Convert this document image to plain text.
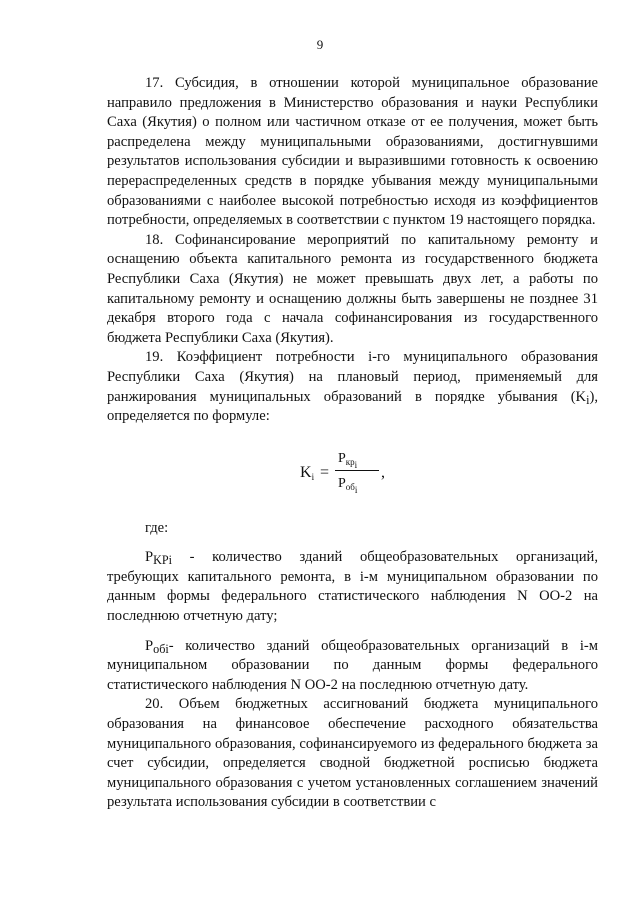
9

17. Субсидия, в отношении которой муниципальное образование направило предложения в Министерство образования и науки Республики Саха (Якутия) о полном или частичном отказе от ее получения, может быть распределена между муниципальными образованиями, достигнувшими результатов использования субсидии и выразившими готовность к освоению перераспределенных средств в порядке убывания между муниципальными образованиями с наиболее высокой потребностью исходя из коэффициентов потребности, определяемых в соответствии с пунктом 19 настоящего порядка.

18. Софинансирование мероприятий по капитальному ремонту и оснащению объекта капитального ремонта из государственного бюджета Республики Саха (Якутия) не может превышать двух лет, а работы по капитальному ремонту и оснащению должны быть завершены не позднее 31 декабря второго года с начала софинансирования из государственного бюджета Республики Саха (Якутия).

19. Коэффициент потребности i-го муниципального образования Республики Саха (Якутия) на плановый период, применяемый для ранжирования муниципальных образований в порядке убывания $(K_i)$, определяется по формуле:

$K_i$ =
$P_{кр_i}$
$P_{об_i}$
,

где:

$P_{KPi}$ - количество зданий общеобразовательных организаций, требующих капитального ремонта, в i-м муниципальном образовании по данным формы федерального статистического наблюдения N ОО-2 на последнюю отчетную дату;

$P_{обi}-$ количество зданий общеобразовательных организаций в i-м муниципальном образовании по данным формы федерального статистического наблюдения N ОО-2 на последнюю отчетную дату.

20. Объем бюджетных ассигнований бюджета муниципального образования на финансовое обеспечение расходного обязательства муниципального образования, софинансируемого из федерального бюджета за счет субсидии, определяется сводной бюджетной росписью бюджета муниципального образования с учетом установленных соглашением значений результата использования субсидии в соответствии с
